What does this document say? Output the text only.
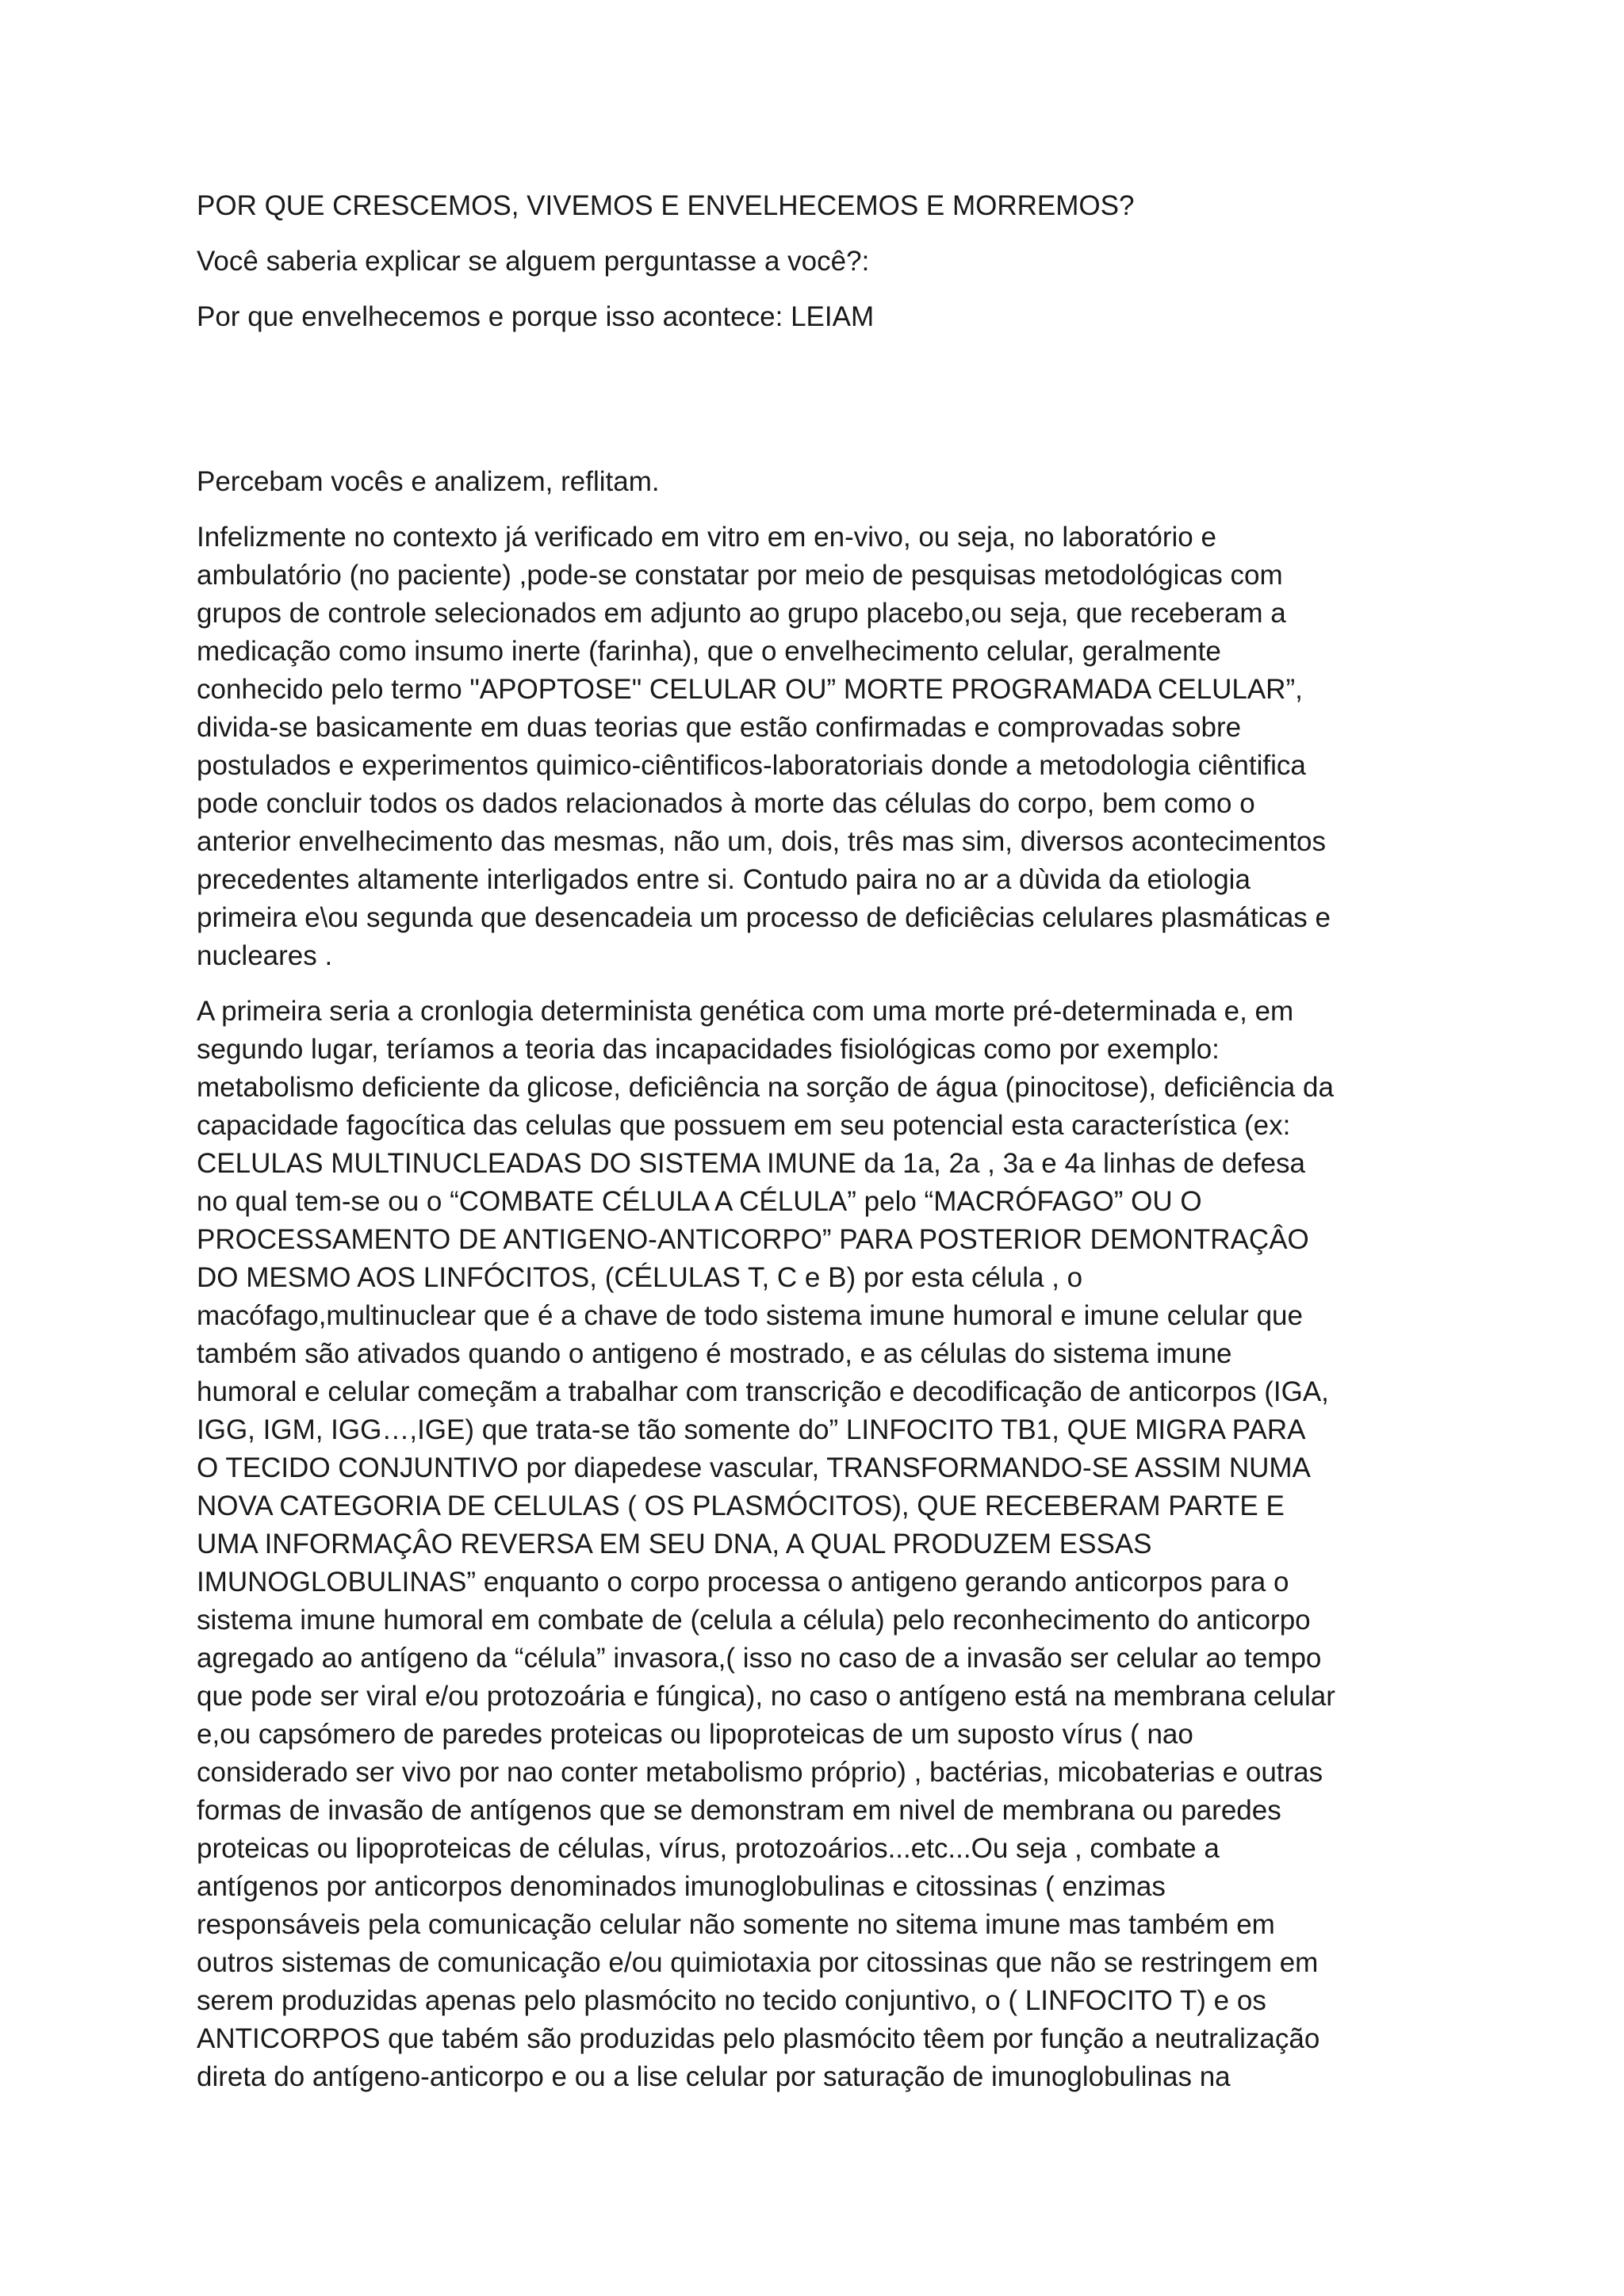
POR QUE CRESCEMOS, VIVEMOS E ENVELHECEMOS E MORREMOS?

Você saberia explicar se alguem perguntasse a você?:

Por que envelhecemos e porque isso acontece: LEIAM

Percebam vocês e analizem, reflitam.

Infelizmente no contexto já verificado em vitro em en-vivo, ou seja, no laboratório e

ambulatório (no paciente) ,pode-se constatar por meio de pesquisas metodológicas com

grupos de controle selecionados em adjunto ao grupo placebo,ou seja, que receberam a

medicação como insumo inerte (farinha), que o envelhecimento celular, geralmente

conhecido pelo termo "APOPTOSE" CELULAR OU” MORTE PROGRAMADA CELULAR”,

divida-se basicamente em duas teorias que estão confirmadas e comprovadas sobre

postulados e experimentos quimico-ciêntificos-laboratoriais donde a metodologia ciêntifica

pode concluir todos os dados relacionados à morte das células do corpo, bem como o

anterior envelhecimento das mesmas, não um, dois, três mas sim, diversos acontecimentos

precedentes altamente interligados entre si. Contudo paira no ar a dùvida da etiologia

primeira e\ou segunda que desencadeia um processo de deficiêcias celulares plasmáticas e

nucleares .

A primeira seria a cronlogia determinista genética com uma morte pré-determinada e, em

segundo lugar, teríamos a teoria das incapacidades fisiológicas como por exemplo:

metabolismo deficiente da glicose, deficiência na sorção de água (pinocitose), deficiência da

capacidade fagocítica das celulas que possuem em seu potencial esta característica (ex:

CELULAS MULTINUCLEADAS DO SISTEMA IMUNE da 1a, 2a , 3a e 4a linhas de defesa

no qual tem-se ou o “COMBATE CÉLULA A CÉLULA” pelo “MACRÓFAGO” OU O

PROCESSAMENTO DE ANTIGENO-ANTICORPO” PARA POSTERIOR DEMONTRAÇÂO

DO MESMO AOS LINFÓCITOS, (CÉLULAS T, C e B) por esta célula , o

macófago,multinuclear que é a chave de todo sistema imune humoral e imune celular que

também são ativados quando o antigeno é mostrado, e as células do sistema imune

humoral e celular começãm a trabalhar com transcrição e decodificação de anticorpos (IGA,

IGG, IGM, IGG…,IGE) que trata-se tão somente do” LINFOCITO TB1, QUE MIGRA PARA

O TECIDO CONJUNTIVO por diapedese vascular, TRANSFORMANDO-SE ASSIM NUMA

NOVA CATEGORIA DE CELULAS ( OS PLASMÓCITOS), QUE RECEBERAM PARTE E

UMA INFORMAÇÂO REVERSA EM SEU DNA, A QUAL PRODUZEM ESSAS

IMUNOGLOBULINAS” enquanto o corpo processa o antigeno gerando anticorpos para o

sistema imune humoral em combate de (celula a célula) pelo reconhecimento do anticorpo

agregado ao antígeno da “célula” invasora,( isso no caso de a invasão ser celular ao tempo

que pode ser viral e/ou protozoária e fúngica), no caso o antígeno está na membrana celular

e,ou capsómero de paredes proteicas ou lipoproteicas de um suposto vírus ( nao

considerado ser vivo por nao conter metabolismo próprio) , bactérias, micobaterias e outras

formas de invasão de antígenos que se demonstram em nivel de membrana ou paredes

proteicas ou lipoproteicas de células, vírus, protozoários...etc...Ou seja , combate a

antígenos por anticorpos denominados imunoglobulinas e citossinas ( enzimas

responsáveis pela comunicação celular não somente no sitema imune mas também em

outros sistemas de comunicação e/ou quimiotaxia por citossinas que não se restringem em

serem produzidas apenas pelo plasmócito no tecido conjuntivo, o ( LINFOCITO T) e os

ANTICORPOS que tabém são produzidas pelo plasmócito têem por função a neutralização

direta do antígeno-anticorpo e ou a lise celular por saturação de imunoglobulinas na
